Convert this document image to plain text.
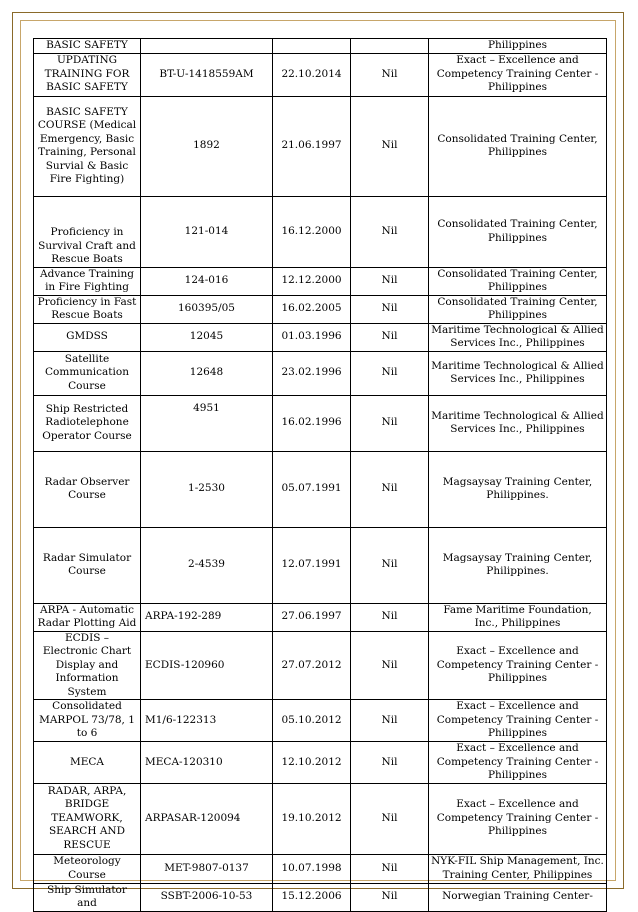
BASIC SAFETY				Philippines
UPDATING TRAINING FOR BASIC SAFETY	BT-U-1418559AM	22.10.2014	Nil	Exact – Excellence and Competency Training Center - Philippines
BASIC SAFETY COURSE (Medical Emergency, Basic Training, Personal Survial & Basic Fire Fighting)	1892	21.06.1997	Nil	Consolidated Training Center, Philippines
Proficiency in Survival Craft and Rescue Boats	121-014	16.12.2000	Nil	Consolidated Training Center, Philippines
Advance Training in Fire Fighting	124-016	12.12.2000	Nil	Consolidated Training Center, Philippines
Proficiency in Fast Rescue Boats	160395/05	16.02.2005	Nil	Consolidated Training Center, Philippines
GMDSS	12045	01.03.1996	Nil	Maritime Technological & Allied Services Inc., Philippines
Satellite Communication Course	12648	23.02.1996	Nil	Maritime Technological & Allied Services Inc., Philippines
Ship Restricted Radiotelephone Operator Course	4951	16.02.1996	Nil	Maritime Technological & Allied Services Inc., Philippines
Radar Observer Course	1-2530	05.07.1991	Nil	Magsaysay Training Center, Philippines.
Radar Simulator Course	2-4539	12.07.1991	Nil	Magsaysay Training Center, Philippines.
ARPA - Automatic Radar Plotting Aid	ARPA-192-289	27.06.1997	Nil	Fame Maritime Foundation, Inc., Philippines
ECDIS – Electronic Chart Display and Information System	ECDIS-120960	27.07.2012	Nil	Exact – Excellence and Competency Training Center - Philippines
Consolidated MARPOL 73/78, 1 to 6	M1/6-122313	05.10.2012	Nil	Exact – Excellence and Competency Training Center - Philippines
MECA	MECA-120310	12.10.2012	Nil	Exact – Excellence and Competency Training Center - Philippines
RADAR, ARPA, BRIDGE TEAMWORK, SEARCH AND RESCUE	ARPASAR-120094	19.10.2012	Nil	Exact – Excellence and Competency Training Center - Philippines
Meteorology Course	MET-9807-0137	10.07.1998	Nil	NYK-FIL Ship Management, Inc. Training Center, Philippines
Ship Simulator and	SSBT-2006-10-53	15.12.2006	Nil	Norwegian Training Center-
